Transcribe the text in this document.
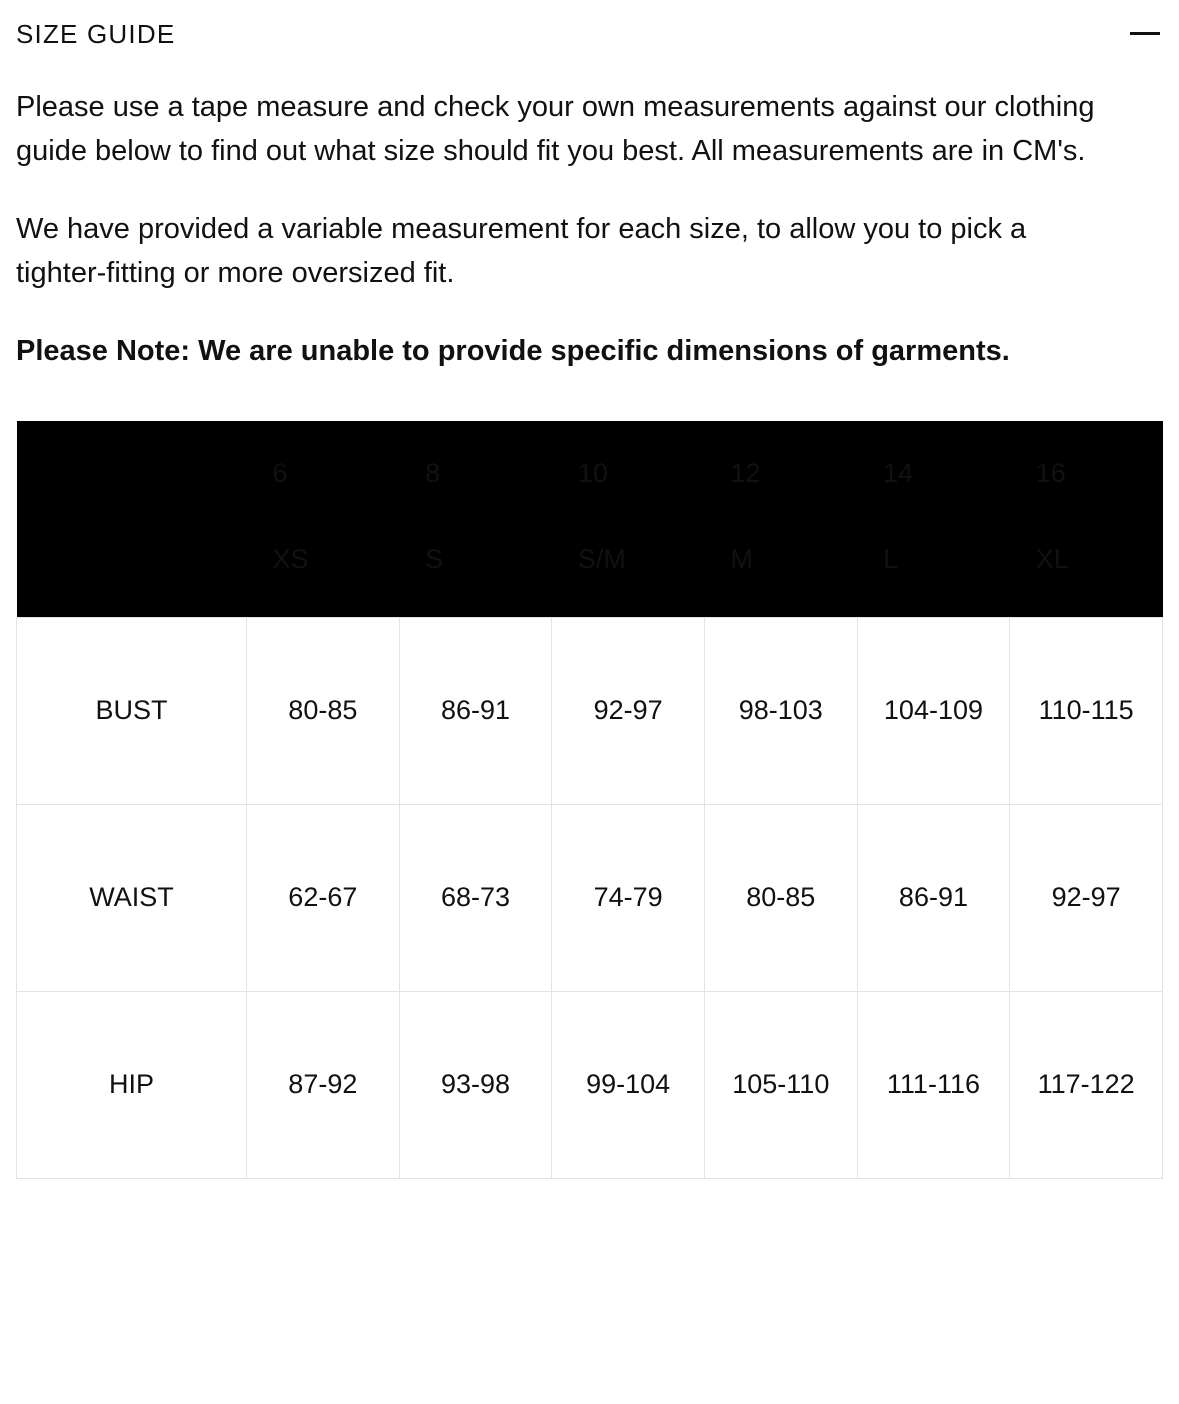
SIZE GUIDE

Please use a tape measure and check your own measurements against our clothing guide below to find out what size should fit you best. All measurements are in CM's.

We have provided a variable measurement for each size, to allow you to pick a tighter-fitting or more oversized fit.

Please Note: We are unable to provide specific dimensions of garments.

	6	8	10	12	14	16
	XS	S	S/M	M	L	XL
BUST	80-85	86-91	92-97	98-103	104-109	110-115
WAIST	62-67	68-73	74-79	80-85	86-91	92-97
HIP	87-92	93-98	99-104	105-110	111-116	117-122
